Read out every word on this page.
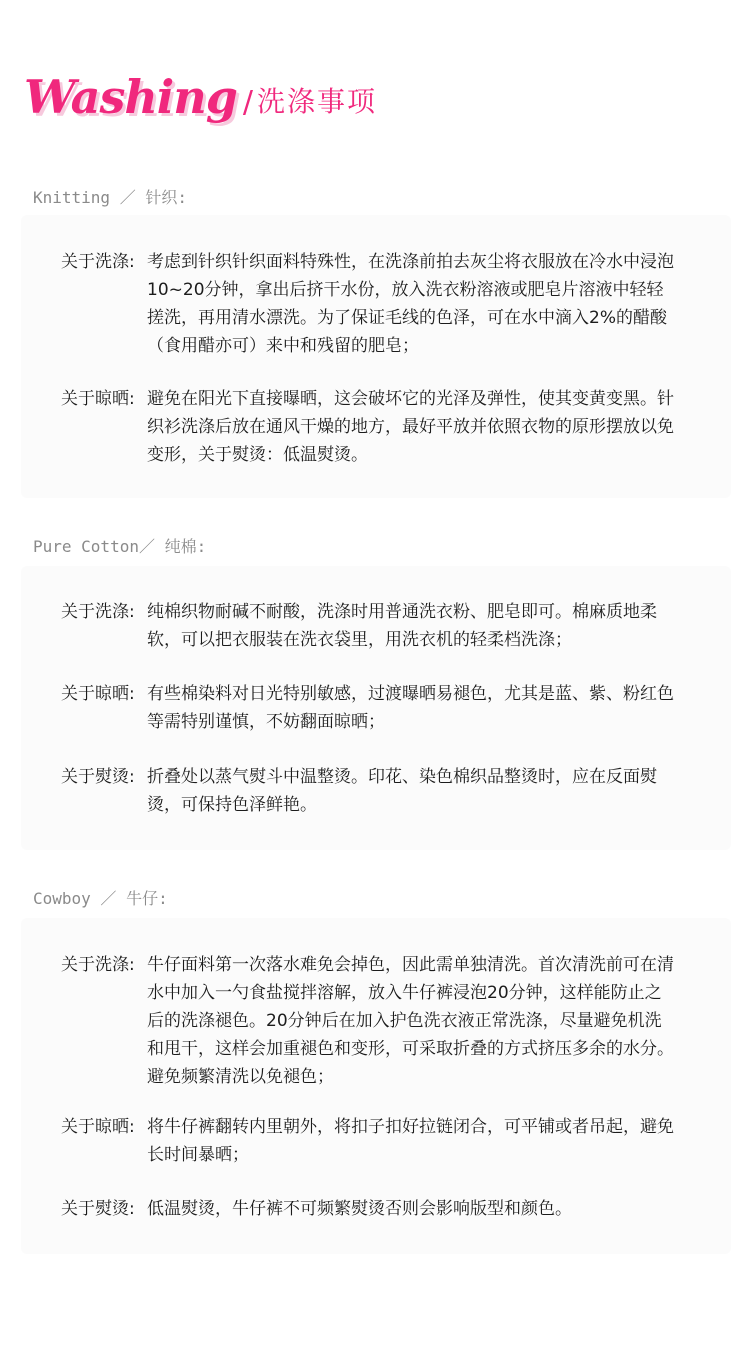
Washing / 洗涤事项
Knitting ／ 针织:
关于洗涤: 考虑到针织针织面料特殊性，在洗涤前拍去灰尘将衣服放在冷水中浸泡10~20分钟，拿出后挤干水份，放入洗衣粉溶液或肥皂片溶液中轻轻搓洗，再用清水漂洗。为了保证毛线的色泽，可在水中滴入2%的醋酸（食用醋亦可）来中和残留的肥皂；
关于晾晒: 避免在阳光下直接曝晒，这会破坏它的光泽及弹性，使其变黄变黑。针织衫洗涤后放在通风干燥的地方，最好平放并依照衣物的原形摆放以免变形，关于熨烫：低温熨烫。
Pure Cotton／ 纯棉:
关于洗涤: 纯棉织物耐碱不耐酸，洗涤时用普通洗衣粉、肥皂即可。棉麻质地柔软，可以把衣服装在洗衣袋里，用洗衣机的轻柔档洗涤；
关于晾晒: 有些棉染料对日光特别敏感，过渡曝晒易褪色，尤其是蓝、紫、粉红色等需特别谨慎，不妨翻面晾晒；
关于熨烫: 折叠处以蒸气熨斗中温整烫。印花、染色棉织品整烫时，应在反面熨烫，可保持色泽鲜艳。
Cowboy ／ 牛仔:
关于洗涤: 牛仔面料第一次落水难免会掉色，因此需单独清洗。首次清洗前可在清水中加入一勺食盐搅拌溶解，放入牛仔裤浸泡20分钟，这样能防止之后的洗涤褪色。20分钟后在加入护色洗衣液正常洗涤，尽量避免机洗和甩干，这样会加重褪色和变形，可采取折叠的方式挤压多余的水分。避免频繁清洗以免褪色；
关于晾晒: 将牛仔裤翻转内里朝外，将扣子扣好拉链闭合，可平铺或者吊起，避免长时间暴晒；
关于熨烫: 低温熨烫，牛仔裤不可频繁熨烫否则会影响版型和颜色。
